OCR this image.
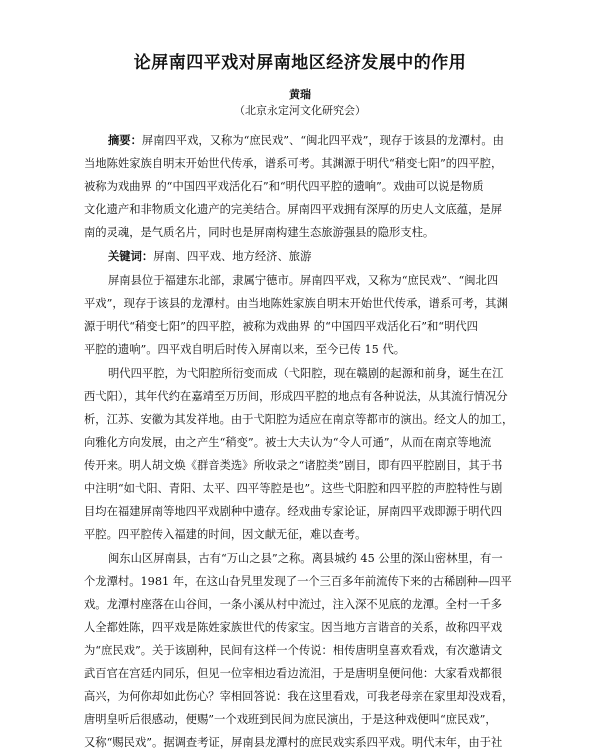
论屏南四平戏对屏南地区经济发展中的作用
黄瑞
（北京永定河文化研究会）
摘要：屏南四平戏，又称为“庶民戏”、“闽北四平戏”，现存于该县的龙潭村。由
当地陈姓家族自明末开始世代传承，谱系可考。其渊源于明代“稍变七阳”的四平腔，
被称为戏曲界 的“中国四平戏活化石”和“明代四平腔的遗响”。戏曲可以说是物质
文化遗产和非物质文化遗产的完美结合。屏南四平戏拥有深厚的历史人文底蕴，是屏
南的灵魂，是气质名片，同时也是屏南构建生态旅游强县的隐形支柱。
关键词：屏南、四平戏、地方经济、旅游
屏南县位于福建东北部，隶属宁德市。屏南四平戏，又称为“庶民戏”、“闽北四
平戏”，现存于该县的龙潭村。由当地陈姓家族自明末开始世代传承，谱系可考，其渊
源于明代“稍变七阳”的四平腔，被称为戏曲界 的“中国四平戏活化石”和“明代四
平腔的遗响”。四平戏自明后时传入屏南以来，至今已传 15 代。
明代四平腔，为弋阳腔所衍变而成（弋阳腔，现在赣剧的起源和前身，诞生在江
西弋阳），其年代约在嘉靖至万历间，形成四平腔的地点有各种说法，从其流行情况分
析，江苏、安徽为其发祥地。由于弋阳腔为适应在南京等都市的演出。经文人的加工，
向雅化方向发展，由之产生“稍变”。被士大夫认为“令人可通”，从而在南京等地流
传开来。明人胡文焕《群音类选》所收录之“诸腔类”剧目，即有四平腔剧目，其于书
中注明“如弋阳、青阳、太平、四平等腔是也”。这些弋阳腔和四平腔的声腔特性与剧
目均在福建屏南等地四平戏剧种中遗存。经戏曲专家论证，屏南四平戏即源于明代四
平腔。四平腔传入福建的时间，因文献无征，难以查考。
闽东山区屏南县，古有“万山之县”之称。离县城约 45 公里的深山密林里，有一
个龙潭村。1981 年，在这山旮旯里发现了一个三百多年前流传下来的古稀剧种—四平
戏。龙潭村座落在山谷间，一条小溪从村中流过，注入深不见底的龙潭。全村一千多
人全都姓陈，四平戏是陈姓家族世代的传家宝。因当地方言谐音的关系，故称四平戏
为“庶民戏”。关于该剧种，民间有这样一个传说：相传唐明皇喜欢看戏，有次邀请文
武百官在宫廷内同乐，但见一位宰相边看边流泪，于是唐明皇便问他：大家看戏都很
高兴，为何你却如此伤心？宰相回答说：我在这里看戏，可我老母亲在家里却没戏看，
唐明皇听后很感动，便赐”一个戏班到民间为庶民演出，于是这种戏便叫“庶民戏”，
又称“赐民戏”。据调查考证，屏南县龙潭村的庶民戏实系四平戏。明代末年，由于社
